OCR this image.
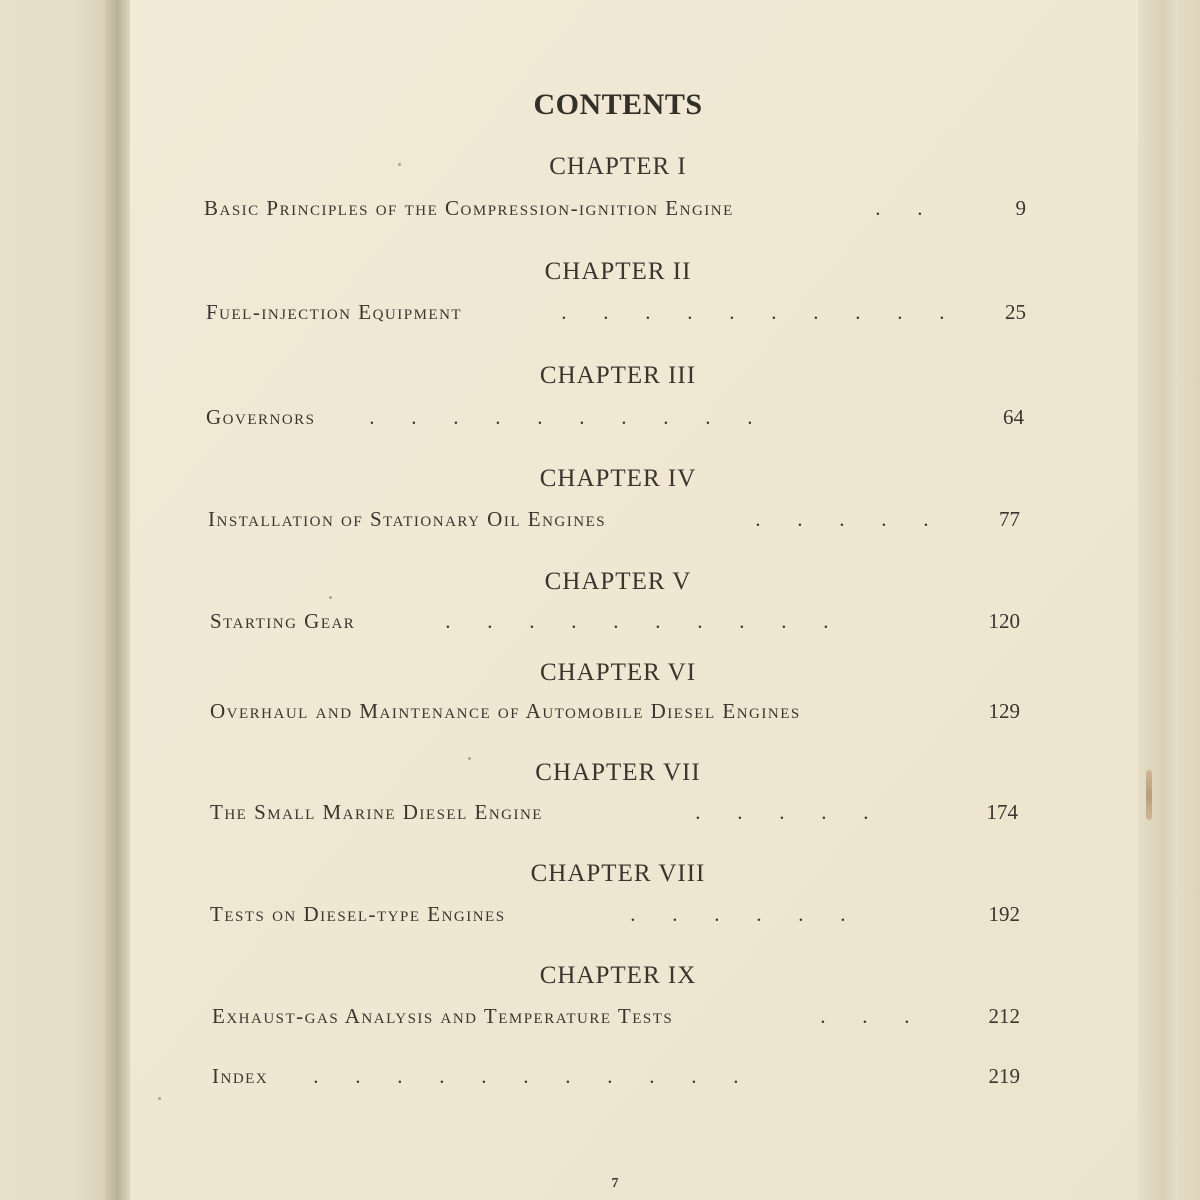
CONTENTS
CHAPTER I
Basic Principles of the Compression-ignition Engine	.       .	9
CHAPTER II
Fuel-injection Equipment	.       .       .       .       .       .       .       .       .       .	25
CHAPTER III
Governors .       .       .       .       .       .       .       .       .       .	64
CHAPTER IV
Installation of Stationary Oil Engines	.       .       .       .       .	77
CHAPTER V
Starting Gear	.       .       .       .       .       .       .       .       .       .	120
CHAPTER VI
Overhaul and Maintenance of Automobile Diesel Engines	129
CHAPTER VII
The Small Marine Diesel Engine	.       .       .       .       .	174
CHAPTER VIII
Tests on Diesel-type Engines	.       .       .       .       .       .	192
CHAPTER IX
Exhaust-gas Analysis and Temperature Tests	.       .       .	212
Index .       .       .       .       .       .       .       .       .       .       .	219
7
